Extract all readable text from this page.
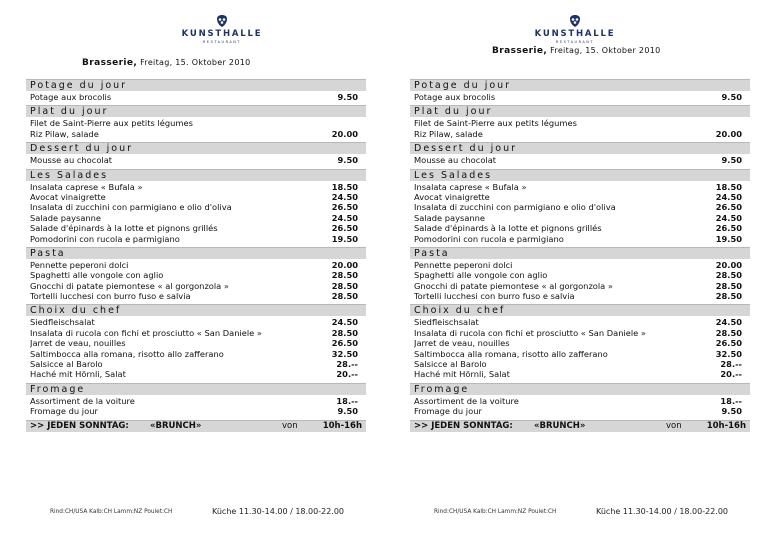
KUNSTHALLE
RESTAURANT
Brasserie, Freitag, 15. Oktober 2010
Potage du jour
Potage aux brocolis	9.50
Plat du jour
Filet de Saint-Pierre aux petits légumes
Riz Pilaw, salade	20.00
Dessert du jour
Mousse au chocolat	9.50
Les Salades
Insalata caprese « Bufala »	18.50
Avocat vinaigrette	24.50
Insalata di zucchini con parmigiano e olio d'oliva	26.50
Salade paysanne	24.50
Salade d'épinards à la lotte et pignons grillés	26.50
Pomodorini con rucola e parmigiano	19.50
Pasta
Pennette peperoni dolci	20.00
Spaghetti alle vongole con aglio	28.50
Gnocchi di patate piemontese « al gorgonzola »	28.50
Tortelli lucchesi con burro fuso e salvia	28.50
Choix du chef
Siedfleischsalat	24.50
Insalata di rucola con fichi et prosciutto « San Daniele »	28.50
Jarret de veau, nouilles	26.50
Saltimbocca alla romana, risotto allo zafferano	32.50
Salsicce al Barolo	28.--
Haché mit Hörnli, Salat	20.--
Fromage
Assortiment de la voiture	18.--
Fromage du jour	9.50
>> JEDEN SONNTAG:	«BRUNCH»	von	10h-16h
Rind:CH/USA Kalb:CH Lamm:NZ Poulet:CH	Küche 11.30-14.00 / 18.00-22.00
KUNSTHALLE
RESTAURANT
Brasserie, Freitag, 15. Oktober 2010
Potage du jour
Potage aux brocolis	9.50
Plat du jour
Filet de Saint-Pierre aux petits légumes
Riz Pilaw, salade	20.00
Dessert du jour
Mousse au chocolat	9.50
Les Salades
Insalata caprese « Bufala »	18.50
Avocat vinaigrette	24.50
Insalata di zucchini con parmigiano e olio d'oliva	26.50
Salade paysanne	24.50
Salade d'épinards à la lotte et pignons grillés	26.50
Pomodorini con rucola e parmigiano	19.50
Pasta
Pennette peperoni dolci	20.00
Spaghetti alle vongole con aglio	28.50
Gnocchi di patate piemontese « al gorgonzola »	28.50
Tortelli lucchesi con burro fuso e salvia	28.50
Choix du chef
Siedfleischsalat	24.50
Insalata di rucola con fichi et prosciutto « San Daniele »	28.50
Jarret de veau, nouilles	26.50
Saltimbocca alla romana, risotto allo zafferano	32.50
Salsicce al Barolo	28.--
Haché mit Hörnli, Salat	20.--
Fromage
Assortiment de la voiture	18.--
Fromage du jour	9.50
>> JEDEN SONNTAG:	«BRUNCH»	von	10h-16h
Rind:CH/USA Kalb:CH Lamm:NZ Poulet:CH	Küche 11.30-14.00 / 18.00-22.00
